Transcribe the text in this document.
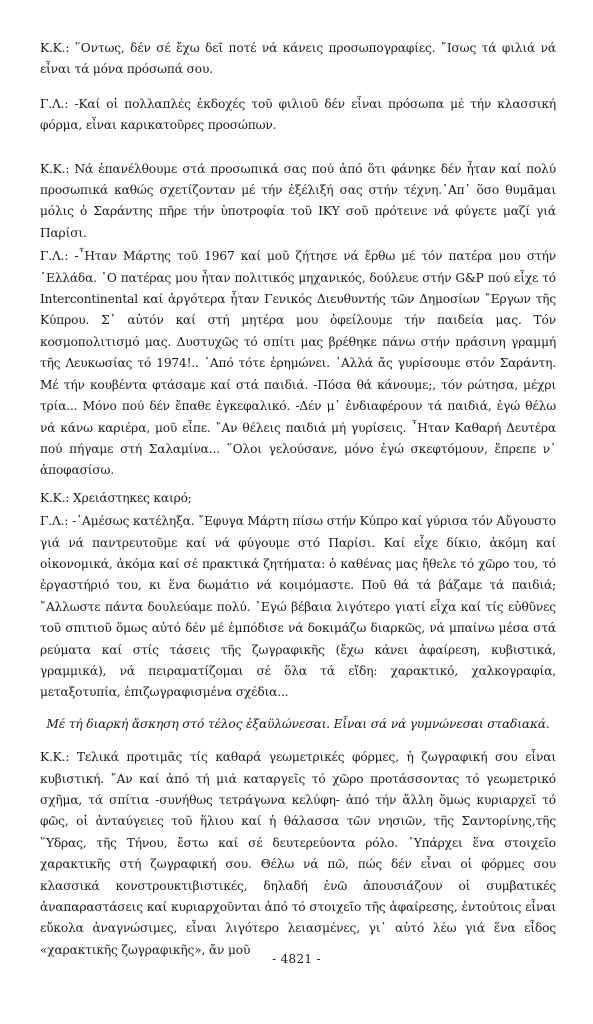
Κ.Κ.: ῞Οντως, δέν σέ ἔχω δεῖ ποτέ νά κάνεις προσωπογραφίες. ῎Ισως τά φιλιά νά εἶναι τά μόνα πρόσωπά σου.

Γ.Λ.: -Καί οἱ πολλαπλές ἐκδοχές τοῦ φιλιοῦ δέν εἶναι πρόσωπα μέ τήν κλασσική φόρμα, εἶναι καρικατοῦρες προσώπων.

Κ.Κ.: Νά ἐπανέλθουμε στά προσωπικά σας πού ἀπό ὅτι φάνηκε δέν ἦταν καί πολύ προσωπικά καθώς σχετίζονταν μέ τήν ἐξέλιξή σας στήν τέχνη.᾿Απ᾿ ὅσο θυμᾶμαι μόλις ὁ Σαράντης πῆρε τήν ὑποτροφία τοῦ ΙΚΥ σοῦ πρότεινε νά φύγετε μαζί γιά Παρίσι.

Γ.Λ.: -῏Ηταν Μάρτης τοῦ 1967 καί μοῦ ζήτησε νά ἔρθω μέ τόν πατέρα μου στήν ῾Ελλάδα. ῾Ο πατέρας μου ἦταν πολιτικός μηχανικός, δούλευε στήν G&P πού εἶχε τό Intercontinental καί ἀργότερα ἦταν Γενικός Διευθυντής τῶν Δημοσίων ῎Εργων τῆς Κύπρου. Σ᾿ αὐτόν καί στή μητέρα μου ὀφείλουμε τήν παιδεία μας. Τόν κοσμοπολιτισμό μας. Δυστυχῶς τό σπίτι μας βρέθηκε πάνω στήν πράσινη γραμμή τῆς Λευκωσίας τό 1974!.. ᾿Από τότε ἐρημώνει. ᾿Αλλά ἄς γυρίσουμε στόν Σαράντη. Μέ τήν κουβέντα φτάσαμε καί στά παιδιά. -Πόσα θά κάνουμε;, τόν ρώτησα, μέχρι τρία... Μόνο πού δέν ἔπαθε ἐγκεφαλικό. -Δέν μ᾿ ἐνδιαφέρουν τά παιδιά, ἐγώ θέλω νά κάνω καριέρα, μοῦ εἶπε. ῎Αν θέλεις παιδιά μή γυρίσεις. ῏Ηταν Καθαρή Δευτέρα πού πήγαμε στή Σαλαμίνα... ῞Ολοι γελούσανε, μόνο ἐγώ σκεφτόμουν, ἔπρεπε ν᾿ ἀποφασίσω.

Κ.Κ.: Χρειάστηκες καιρό;

Γ.Λ.: -᾿Αμέσως κατέληξα. ῎Εφυγα Μάρτη πίσω στήν Κύπρο καί γύρισα τόν Αὔγουστο γιά νά παντρευτοῦμε καί νά φύγουμε στό Παρίσι. Καί εἶχε δίκιο, ἀκόμη καί οἰκονομικά, ἀκόμα καί σέ πρακτικά ζητήματα: ὁ καθένας μας ἤθελε τό χῶρο του, τό ἐργαστήριό του, κι ἕνα δωμάτιο νά κοιμόμαστε. Ποῦ θά τά βάζαμε τά παιδιά; ῎Αλλωστε πάντα δουλεύαμε πολύ. ᾿Εγώ βέβαια λιγότερο γιατί εἶχα καί τίς εὐθῦνες τοῦ σπιτιοῦ ὅμως αὐτό δέν μέ ἐμπόδισε νά δοκιμάζω διαρκῶς, νά μπαίνω μέσα στά ρεύματα καί στίς τάσεις τῆς ζωγραφικῆς (ἔχω κάνει ἀφαίρεση, κυβιστικά, γραμμικά), νά πειραματίζομαι σέ ὅλα τά εἴδη: χαρακτικό, χαλκογραφία, μεταξοτυπία, ἐπιζωγραφισμένα σχέδια...

Μέ τή διαρκή ἄσκηση στό τέλος ἐξαϋλώνεσαι. Εἶναι σά νά γυμνώνεσαι σταδιακά.

Κ.Κ.: Τελικά προτιμᾶς τίς καθαρά γεωμετρικές φόρμες, ἡ ζωγραφική σου εἶναι κυβιστική. ῎Αν καί ἀπό τή μιά καταργεῖς τό χῶρο προτάσσοντας τό γεωμετρικό σχῆμα, τά σπίτια -συνήθως τετράγωνα κελύφη- ἀπό τήν ἄλλη ὅμως κυριαρχεῖ τό φῶς, οἱ ἀνταύγειες τοῦ ἥλιου καί ἡ θάλασσα τῶν νησιῶν, τῆς Σαντορίνης,τῆς ῞Υδρας, τῆς Τήνου, ἔστω καί σέ δευτερεύοντα ρόλο. ῾Υπάρχει ἕνα στοιχεῖο χαρακτικῆς στή ζωγραφική σου. Θέλω νά πῶ, πώς δέν εἶναι οἱ φόρμες σου κλασσικά κονστρουκτιβιστικές, δηλαδή ἐνῶ ἀπουσιάζουν οἱ συμβατικές ἀναπαραστάσεις καί κυριαρχοῦνται ἀπό τό στοιχεῖο τῆς ἀφαίρεσης, ἐντούτοις εἶναι εὔκολα ἀναγνώσιμες, εἶναι λιγότερο λειασμένες, γι᾿ αὐτό λέω γιά ἕνα εἶδος «χαρακτικῆς ζωγραφικῆς», ἄν μοῦ

- 4821 -
